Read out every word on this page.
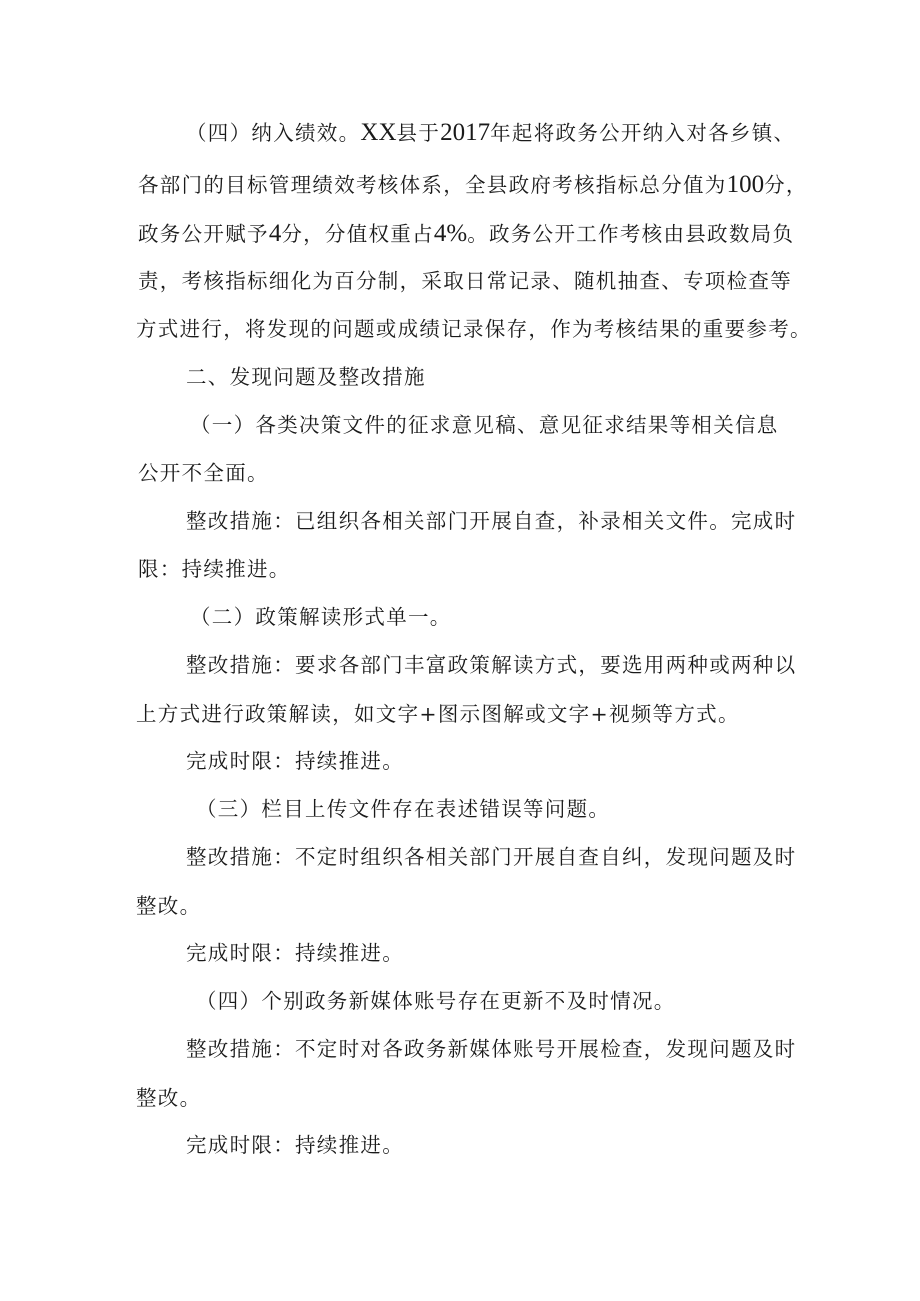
（四）纳入绩效。XX县于2017年起将政务公开纳入对各乡镇、
各部门的目标管理绩效考核体系，全县政府考核指标总分值为100分，
政务公开赋予4分，分值权重占4%。政务公开工作考核由县政数局负
责，考核指标细化为百分制，采取日常记录、随机抽查、专项检查等
方式进行，将发现的问题或成绩记录保存，作为考核结果的重要参考。
二、发现问题及整改措施
（一）各类决策文件的征求意见稿、意见征求结果等相关信息
公开不全面。
整改措施：已组织各相关部门开展自查，补录相关文件。完成时
限：持续推进。
（二）政策解读形式单一。
整改措施：要求各部门丰富政策解读方式，要选用两种或两种以
上方式进行政策解读，如文字+图示图解或文字+视频等方式。
完成时限：持续推进。
（三）栏目上传文件存在表述错误等问题。
整改措施：不定时组织各相关部门开展自查自纠，发现问题及时
整改。
完成时限：持续推进。
（四）个别政务新媒体账号存在更新不及时情况。
整改措施：不定时对各政务新媒体账号开展检查，发现问题及时
整改。
完成时限：持续推进。
